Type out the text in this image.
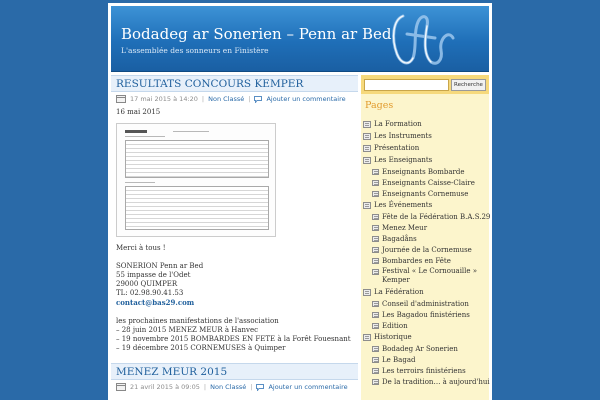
Bodadeg ar Sonerien – Penn ar Bed
L'assemblée des sonneurs en Finistère
RESULTATS CONCOURS KEMPER
17 mai 2015 à 14:20 | Non Classé | Ajouter un commentaire

16 mai 2015

Merci à tous !

SONERION Penn ar Bed

55 impasse de l'Odet

29000 QUIMPER

TL: 02.98.90.41.53

contact@bas29.com

les prochaines manifestations de l'association

– 28 juin 2015 MENEZ MEUR à Hanvec

– 19 novembre 2015 BOMBARDES EN FETE à la Forêt Fouesnant

– 19 décembre 2015 CORNEMUSES à Quimper

MENEZ MEUR 2015
21 avril 2015 à 09:05 | Non Classé | Ajouter un commentaire
Recherche
Pages
La Formation
Les Instruments
Présentation
Les Enseignants
Enseignants Bombarde
Enseignants Caisse-Claire
Enseignants Cornemuse
Les Événements
Fête de la Fédération B.A.S.29
Menez Meur
Bagadåns
Journée de la Cornemuse
Bombardes en Fête
Festival « Le Cornouaille »
Kemper
La Fédération
Conseil d'administration
Les Bagadou finistériens
Edition
Historique
Bodadeg Ar Sonerien
Le Bagad
Les terroirs finistériens
De la tradition… à aujourd'hui
